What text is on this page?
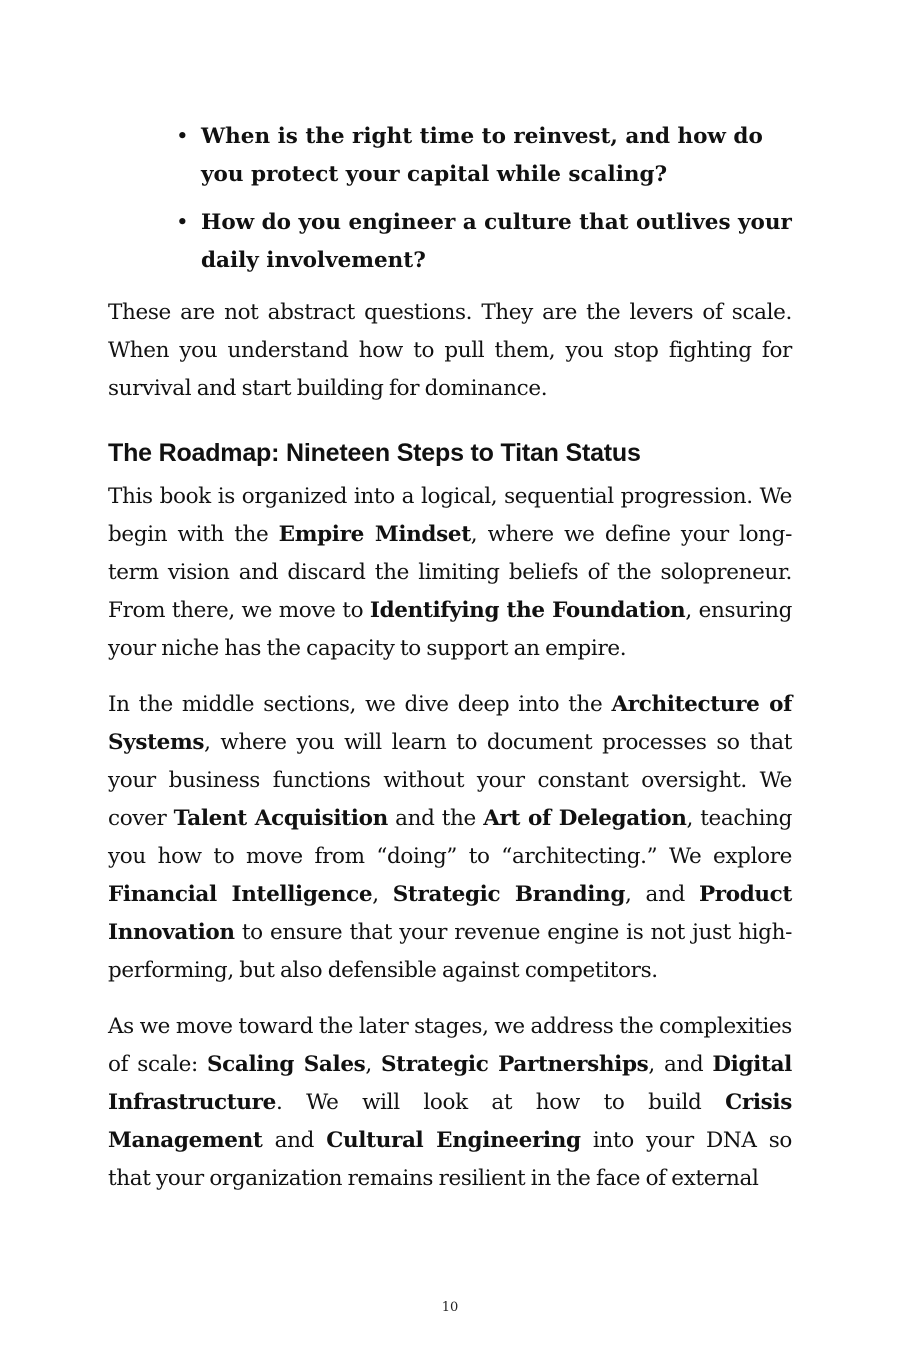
• When is the right time to reinvest, and how do you protect your capital while scaling?
• How do you engineer a culture that outlives your daily involvement?

These are not abstract questions. They are the levers of scale. When you understand how to pull them, you stop fighting for survival and start building for dominance.

The Roadmap: Nineteen Steps to Titan Status

This book is organized into a logical, sequential progression. We begin with the Empire Mindset, where we define your long-term vision and discard the limiting beliefs of the solopreneur. From there, we move to Identifying the Foundation, ensuring your niche has the capacity to support an empire.

In the middle sections, we dive deep into the Architecture of Systems, where you will learn to document processes so that your business functions without your constant oversight. We cover Talent Acquisition and the Art of Delegation, teaching you how to move from “doing” to “architecting.” We explore Financial Intelligence, Strategic Branding, and Product Innovation to ensure that your revenue engine is not just high-performing, but also defensible against competitors.

As we move toward the later stages, we address the complexities of scale: Scaling Sales, Strategic Partnerships, and Digital Infrastructure. We will look at how to build Crisis Management and Cultural Engineering into your DNA so that your organization remains resilient in the face of external

10
